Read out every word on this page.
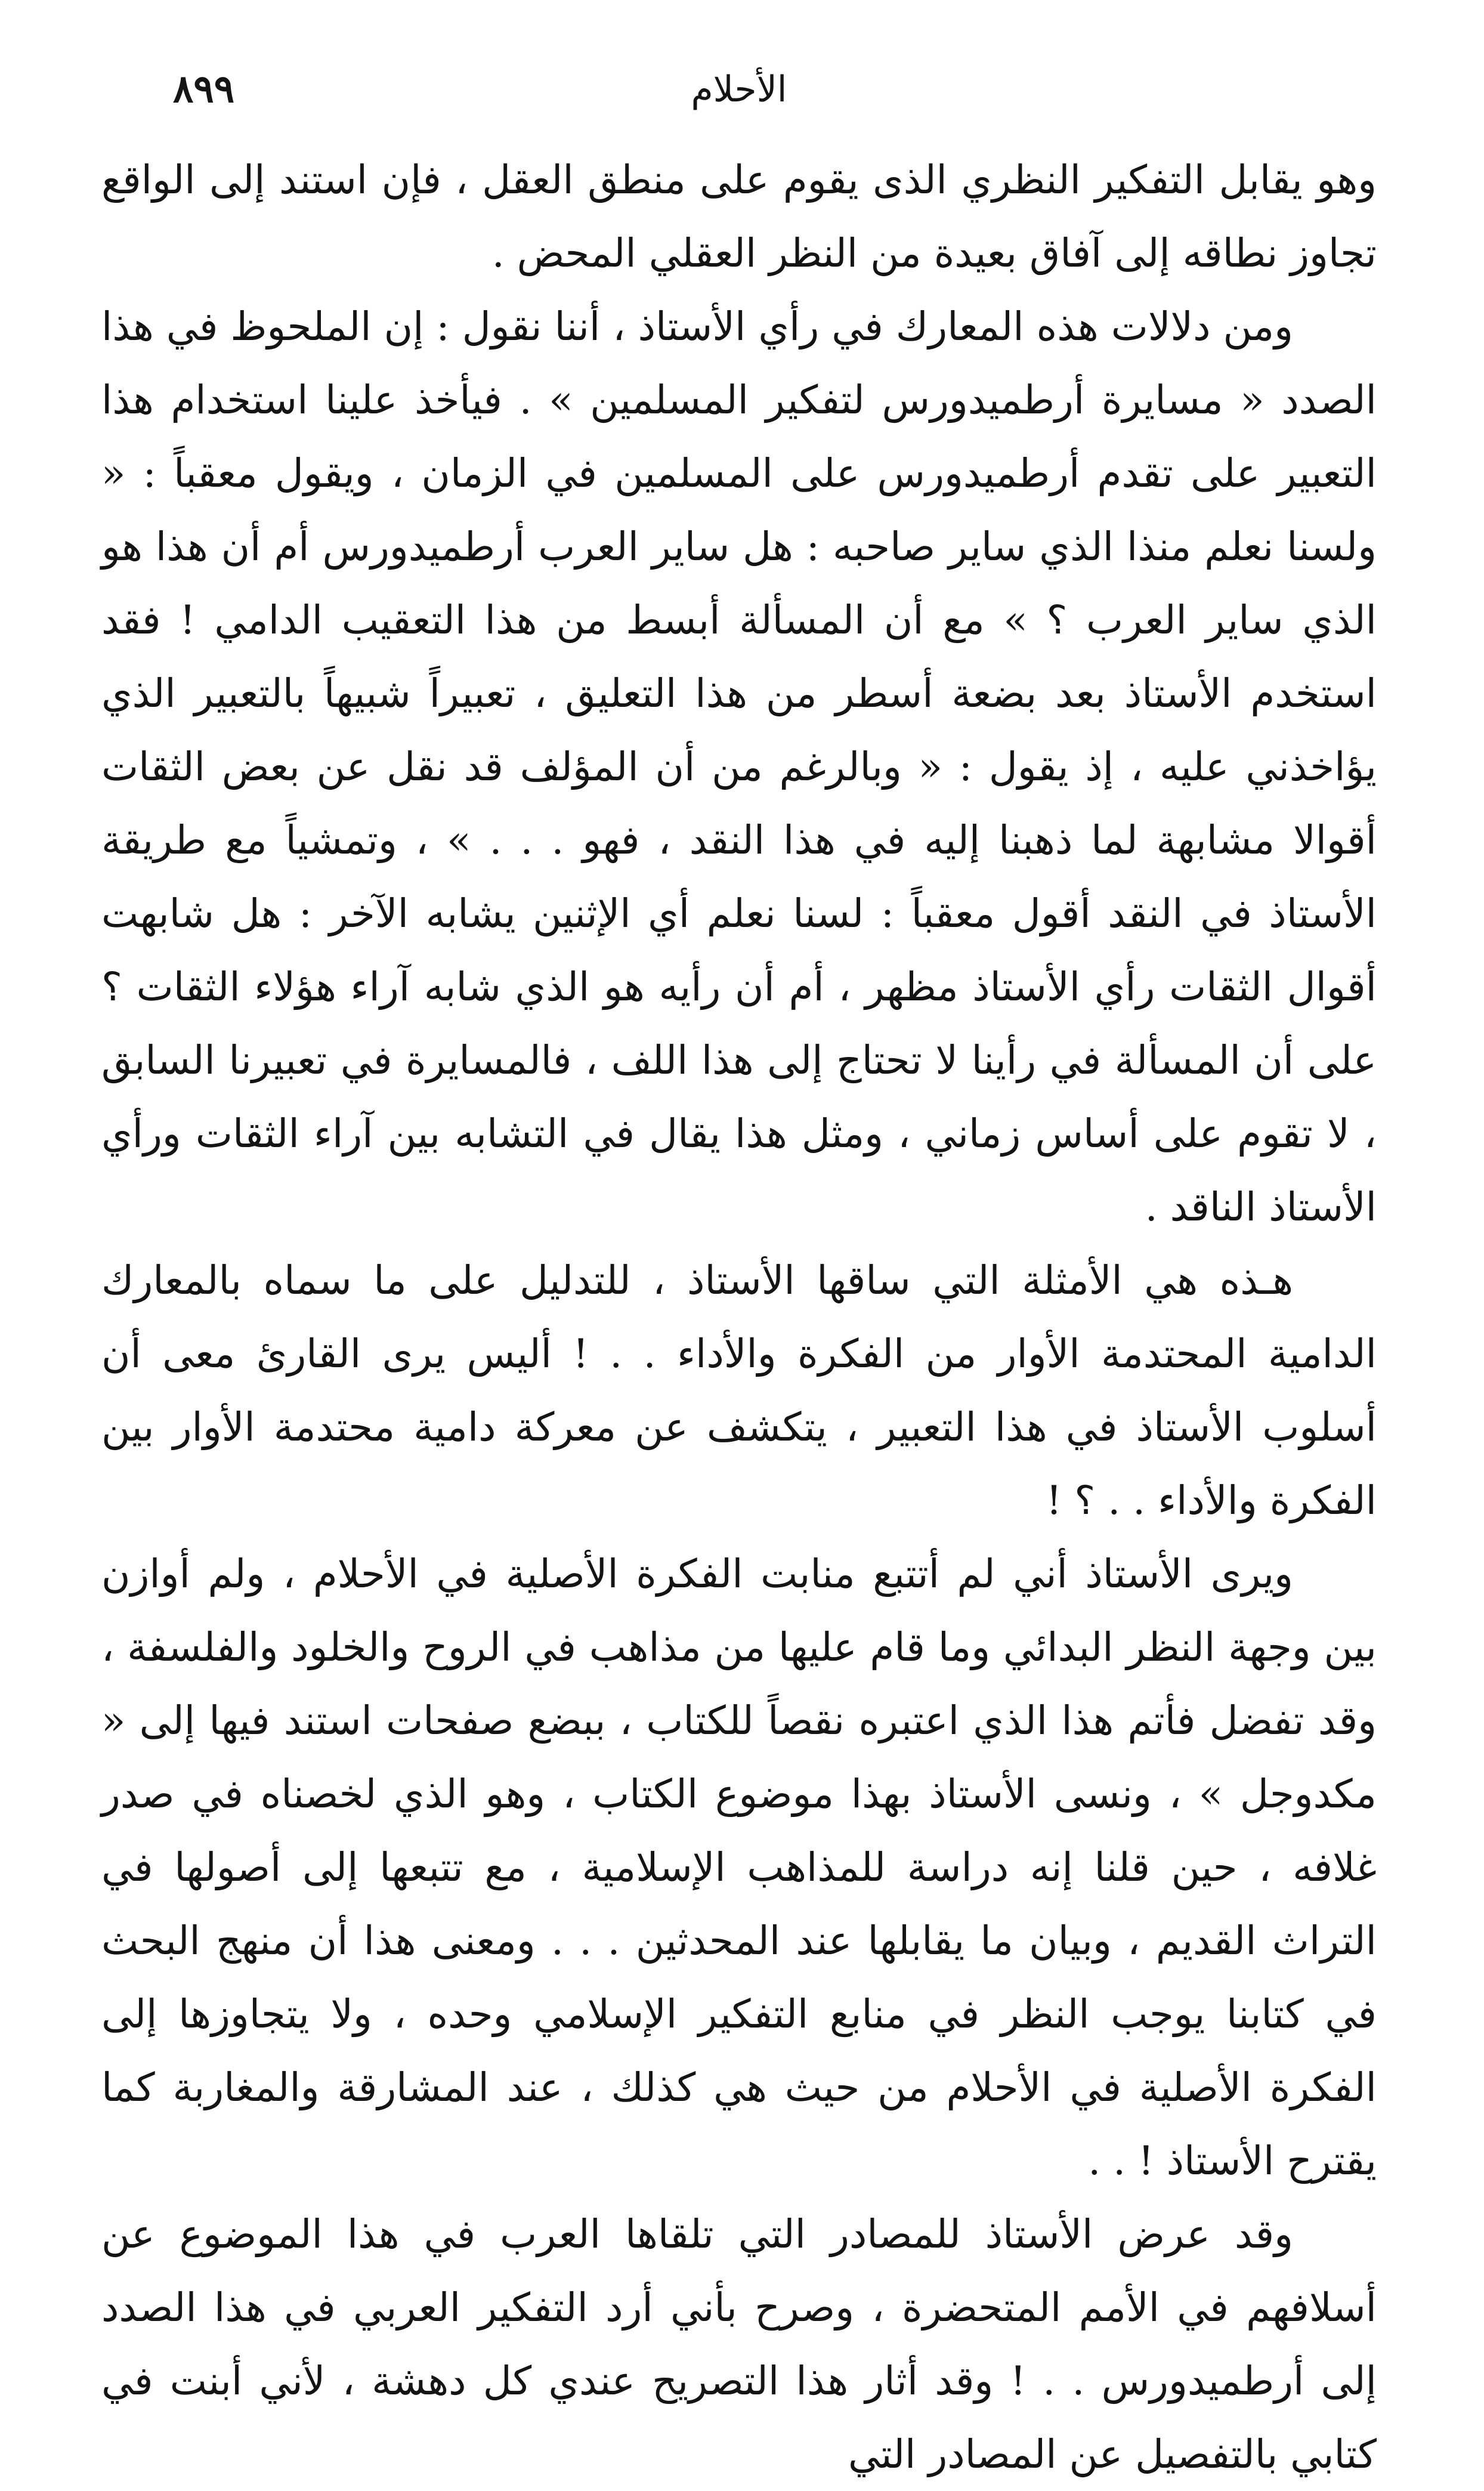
الأحلام
٨٩٩

وهو يقابل التفكير النظري الذى يقوم على منطق العقل ، فإن استند إلى الواقع تجاوز نطاقه إلى آفاق بعيدة من النظر العقلي المحض .

ومن دلالات هذه المعارك في رأي الأستاذ ، أننا نقول : إن الملحوظ في هذا الصدد « مسايرة أرطميدورس لتفكير المسلمين » . فيأخذ علينا استخدام هذا التعبير على تقدم أرطميدورس على المسلمين في الزمان ، ويقول معقباً : « ولسنا نعلم منذا الذي ساير صاحبه : هل ساير العرب أرطميدورس أم أن هذا هو الذي ساير العرب ؟ » مع أن المسألة أبسط من هذا التعقيب الدامي ! فقد استخدم الأستاذ بعد بضعة أسطر من هذا التعليق ، تعبيراً شبيهاً بالتعبير الذي يؤاخذني عليه ، إذ يقول : « وبالرغم من أن المؤلف قد نقل عن بعض الثقات أقوالا مشابهة لما ذهبنا إليه في هذا النقد ، فهو . . . » ، وتمشياً مع طريقة الأستاذ في النقد أقول معقباً : لسنا نعلم أي الإثنين يشابه الآخر : هل شابهت أقوال الثقات رأي الأستاذ مظهر ، أم أن رأيه هو الذي شابه آراء هؤلاء الثقات ؟ على أن المسألة في رأينا لا تحتاج إلى هذا اللف ، فالمسايرة في تعبيرنا السابق ، لا تقوم على أساس زماني ، ومثل هذا يقال في التشابه بين آراء الثقات ورأي الأستاذ الناقد .

هـذه هي الأمثلة التي ساقها الأستاذ ، للتدليل على ما سماه بالمعارك الدامية المحتدمة الأوار من الفكرة والأداء . . ! أليس يرى القارئ معى أن أسلوب الأستاذ في هذا التعبير ، يتكشف عن معركة دامية محتدمة الأوار بين الفكرة والأداء . . ؟ !

ويرى الأستاذ أني لم أتتبع منابت الفكرة الأصلية في الأحلام ، ولم أوازن بين وجهة النظر البدائي وما قام عليها من مذاهب في الروح والخلود والفلسفة ، وقد تفضل فأتم هذا الذي اعتبره نقصاً للكتاب ، ببضع صفحات استند فيها إلى « مكدوجل » ، ونسى الأستاذ بهذا موضوع الكتاب ، وهو الذي لخصناه في صدر غلافه ، حين قلنا إنه دراسة للمذاهب الإسلامية ، مع تتبعها إلى أصولها في التراث القديم ، وبيان ما يقابلها عند المحدثين . . . ومعنى هذا أن منهج البحث في كتابنا يوجب النظر في منابع التفكير الإسلامي وحده ، ولا يتجاوزها إلى الفكرة الأصلية في الأحلام من حيث هي كذلك ، عند المشارقة والمغاربة كما يقترح الأستاذ ! . .

وقد عرض الأستاذ للمصادر التي تلقاها العرب في هذا الموضوع عن أسلافهم في الأمم المتحضرة ، وصرح بأني أرد التفكير العربي في هذا الصدد إلى أرطميدورس . . ! وقد أثار هذا التصريح عندي كل دهشة ، لأني أبنت في كتابي بالتفصيل عن المصادر التي
